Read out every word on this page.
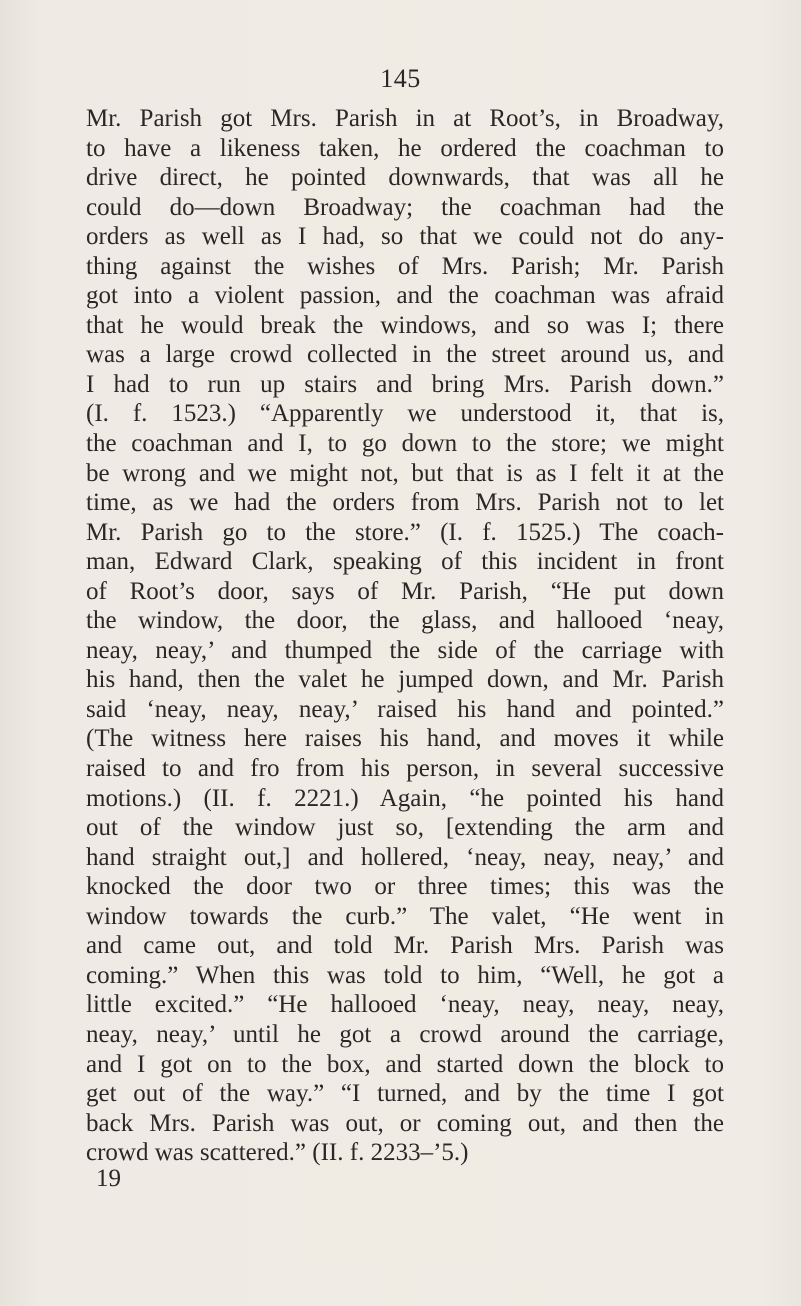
145
Mr. Parish got Mrs. Parish in at Root’s, in Broadway,
to have a likeness taken, he ordered the coachman to
drive direct, he pointed downwards, that was all he
could do—down Broadway; the coachman had the
orders as well as I had, so that we could not do any-
thing against the wishes of Mrs. Parish; Mr. Parish
got into a violent passion, and the coachman was afraid
that he would break the windows, and so was I; there
was a large crowd collected in the street around us, and
I had to run up stairs and bring Mrs. Parish down.”
(I. f. 1523.) “Apparently we understood it, that is,
the coachman and I, to go down to the store; we might
be wrong and we might not, but that is as I felt it at the
time, as we had the orders from Mrs. Parish not to let
Mr. Parish go to the store.” (I. f. 1525.) The coach-
man, Edward Clark, speaking of this incident in front
of Root’s door, says of Mr. Parish, “He put down
the window, the door, the glass, and hallooed ‘neay,
neay, neay,’ and thumped the side of the carriage with
his hand, then the valet he jumped down, and Mr. Parish
said ‘neay, neay, neay,’ raised his hand and pointed.”
(The witness here raises his hand, and moves it while
raised to and fro from his person, in several successive
motions.) (II. f. 2221.) Again, “he pointed his hand
out of the window just so, [extending the arm and
hand straight out,] and hollered, ‘neay, neay, neay,’ and
knocked the door two or three times; this was the
window towards the curb.” The valet, “He went in
and came out, and told Mr. Parish Mrs. Parish was
coming.” When this was told to him, “Well, he got a
little excited.” “He hallooed ‘neay, neay, neay, neay,
neay, neay,’ until he got a crowd around the carriage,
and I got on to the box, and started down the block to
get out of the way.” “I turned, and by the time I got
back Mrs. Parish was out, or coming out, and then the
crowd was scattered.” (II. f. 2233–’5.)
19
